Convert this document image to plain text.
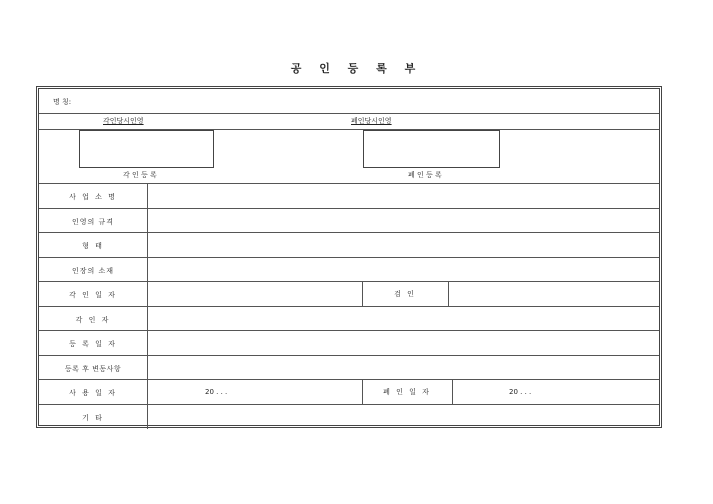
공 인 등 록 부
명 칭:
각인당시인영	폐인당시인영
각 인 등 록	폐 인 등 록
사 업 소 명
인영의 규격
형 태
인장의 소재
각 인 일 자	검 인
각 인 자
등 록 일 자
등록 후 변동사항
사 용 일 자	20 . . .	폐 인 일 자	20 . . .
기 타
